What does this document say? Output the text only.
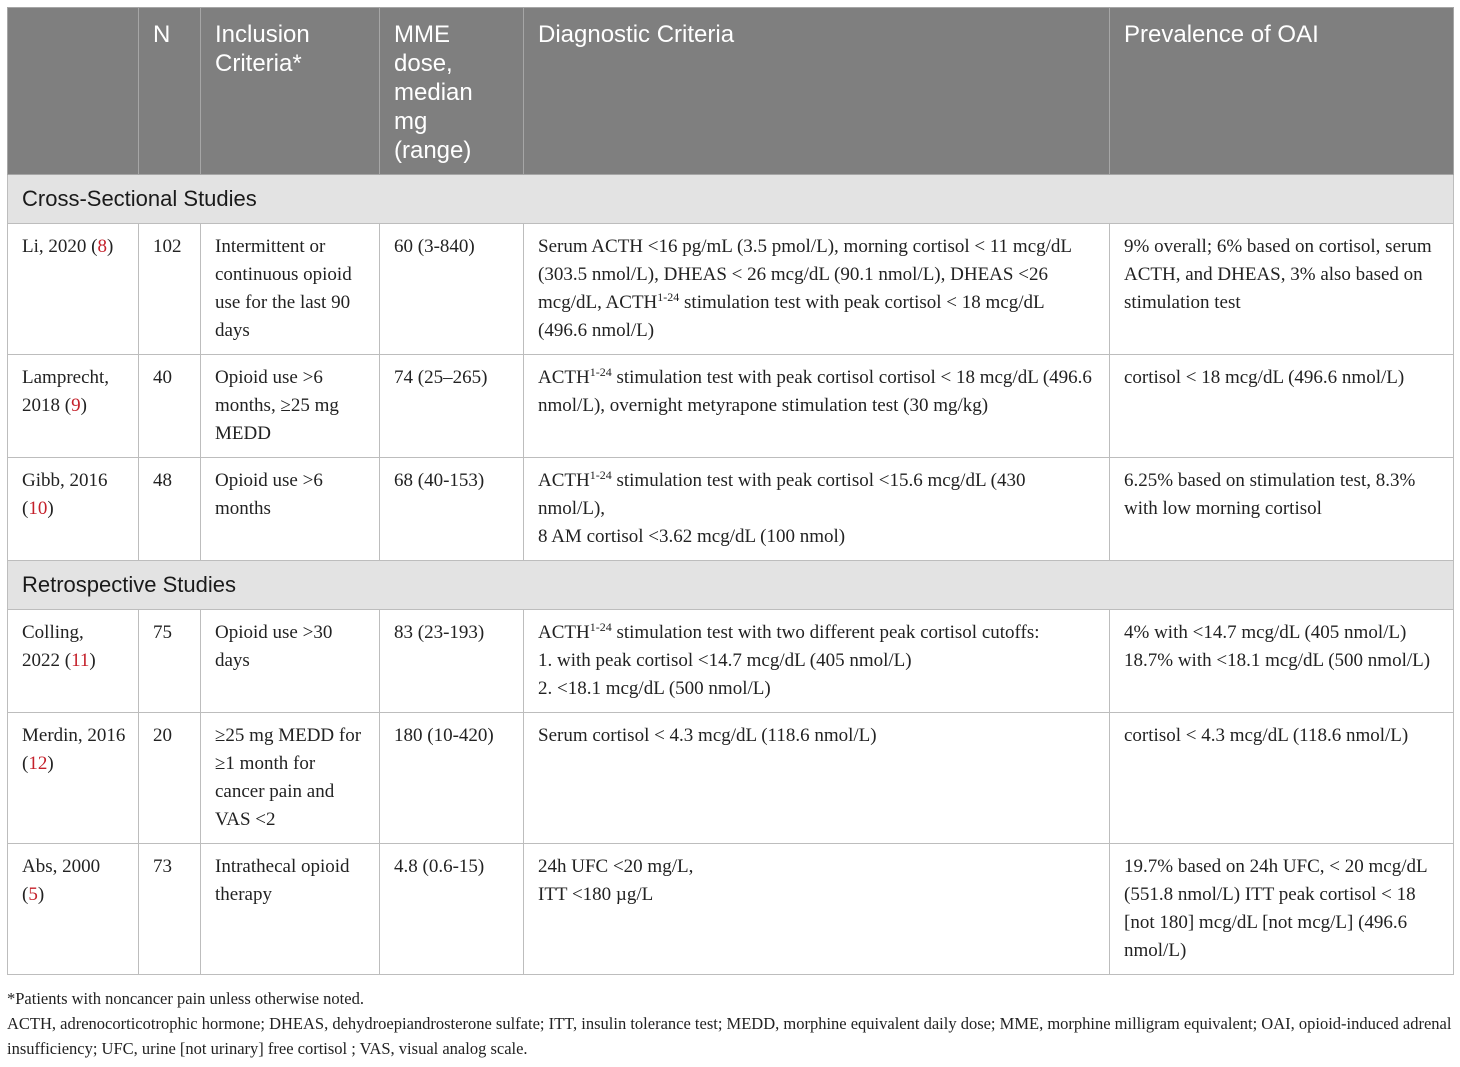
	N	Inclusion Criteria*	MME dose, median mg (range)	Diagnostic Criteria	Prevalence of OAI
Cross-Sectional Studies					
Li, 2020 (8)	102	Intermittent or continuous opioid use for the last 90 days	60 (3-840)	Serum ACTH <16 pg/mL (3.5 pmol/L), morning cortisol < 11 mcg/dL (303.5 nmol/L), DHEAS < 26 mcg/dL (90.1 nmol/L), DHEAS <26 mcg/dL, ACTH$^{1-24}$ stimulation test with peak cortisol < 18 mcg/dL (496.6 nmol/L)	9% overall; 6% based on cortisol, serum ACTH, and DHEAS, 3% also based on stimulation test
Lamprecht, 2018 (9)	40	Opioid use >6 months, ≥25 mg MEDD	74 (25–265)	ACTH$^{1-24}$ stimulation test with peak cortisol cortisol < 18 mcg/dL (496.6 nmol/L), overnight metyrapone stimulation test (30 mg/kg)	cortisol < 18 mcg/dL (496.6 nmol/L)
Gibb, 2016 (10)	48	Opioid use >6 months	68 (40-153)	ACTH$^{1-24}$ stimulation test with peak cortisol <15.6 mcg/dL (430 nmol/L),
8 AM cortisol <3.62 mcg/dL (100 nmol)	6.25% based on stimulation test, 8.3% with low morning cortisol
Retrospective Studies					
Colling, 2022 (11)	75	Opioid use >30 days	83 (23-193)	ACTH$^{1-24}$ stimulation test with two different peak cortisol cutoffs:
1. with peak cortisol <14.7 mcg/dL (405 nmol/L)
2. <18.1 mcg/dL (500 nmol/L)	4% with <14.7 mcg/dL (405 nmol/L) 18.7% with <18.1 mcg/dL (500 nmol/L)
Merdin, 2016 (12)	20	≥25 mg MEDD for ≥1 month for cancer pain and VAS <2	180 (10-420)	Serum cortisol < 4.3 mcg/dL (118.6 nmol/L)	cortisol < 4.3 mcg/dL (118.6 nmol/L)
Abs, 2000 (5)	73	Intrathecal opioid therapy	4.8 (0.6-15)	24h UFC <20 mg/L,
ITT <180 µg/L	19.7% based on 24h UFC, < 20 mcg/dL (551.8 nmol/L) ITT peak cortisol < 18 [not 180] mcg/dL [not mcg/L] (496.6 nmol/L)

*Patients with noncancer pain unless otherwise noted.

ACTH, adrenocorticotrophic hormone; DHEAS, dehydroepiandrosterone sulfate; ITT, insulin tolerance test; MEDD, morphine equivalent daily dose; MME, morphine milligram equivalent; OAI, opioid-induced adrenal insufficiency; UFC, urine [not urinary] free cortisol ; VAS, visual analog scale.
